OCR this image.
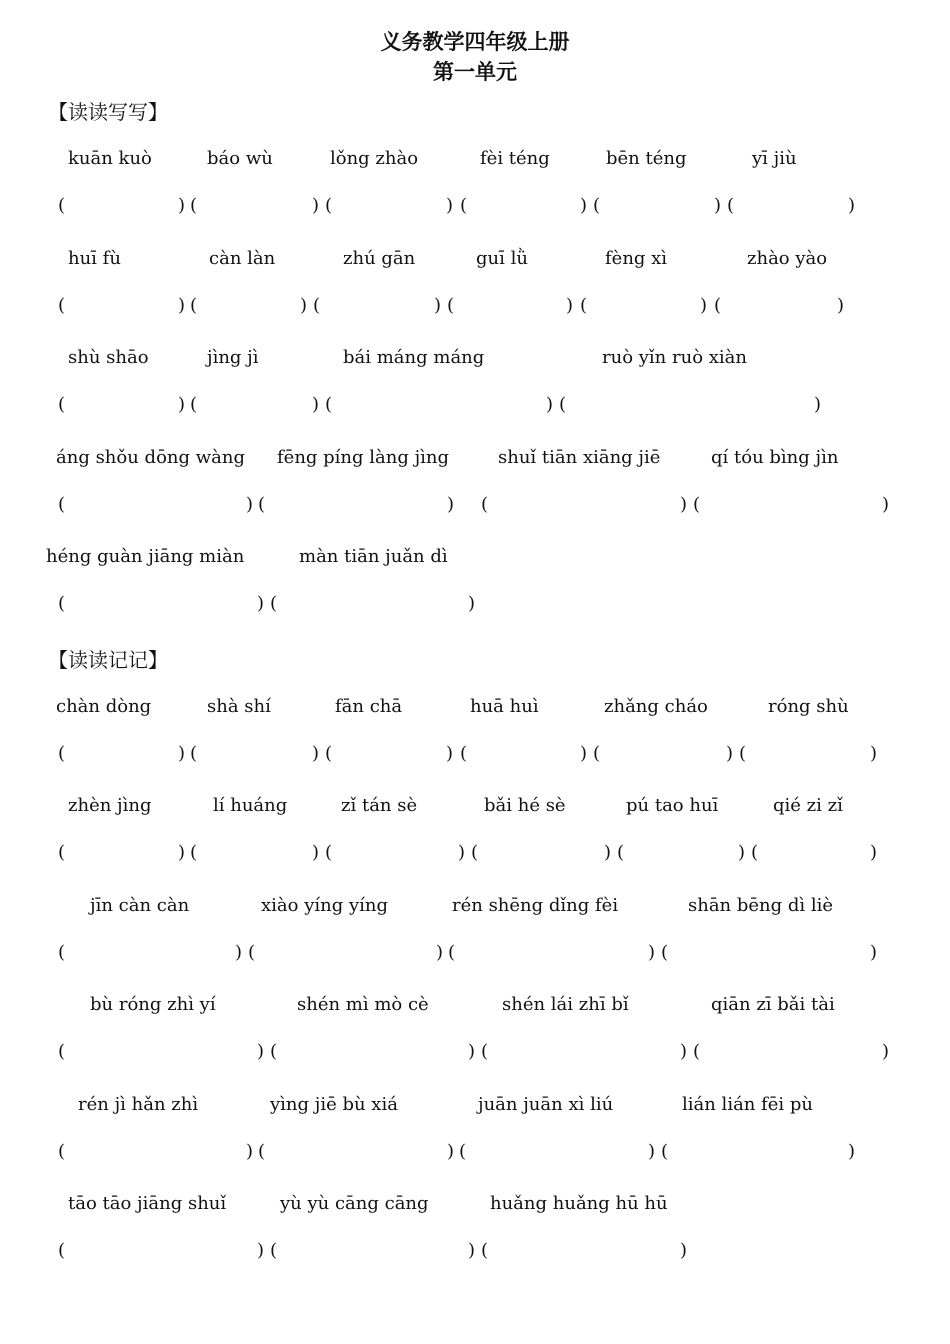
义务教学四年级上册
第一单元
【读读写写】
kuān kuò
(	)
báo wù
(	)
lǒng zhào
(	)
fèi téng
(	)
bēn téng
(	)
yī jiù
(	)
huī fù
(	)
càn làn
(	)
zhú gān
(	)
guī lǜ
(	)
fèng xì
(	)
zhào yào
(	)
shù shāo
(	)
jìng jì
(	)
bái máng máng
(	)
ruò yǐn ruò xiàn
(	)
áng shǒu dōng wàng
(	)
fēng píng làng jìng
(	)
shuǐ tiān xiāng jiē
(	)
qí tóu bìng jìn
(	)
héng guàn jiāng miàn
(	)
màn tiān juǎn dì
(	)
【读读记记】
chàn dòng
(	)
shà shí
(	)
fān chā
(	)
huā huì
(	)
zhǎng cháo
(	)
róng shù
(	)
zhèn jìng
(	)
lí huáng
(	)
zǐ tán sè
(	)
bǎi hé sè
(	)
pú tao huī
(	)
qié zi zǐ
(	)
jīn càn càn
(	)
xiào yíng yíng
(	)
rén shēng dǐng fèi
(	)
shān bēng dì liè
(	)
bù róng zhì yí
(	)
shén mì mò cè
(	)
shén lái zhī bǐ
(	)
qiān zī bǎi tài
(	)
rén jì hǎn zhì
(	)
yìng jiē bù xiá
(	)
juān juān xì liú
(	)
lián lián fēi pù
(	)
tāo tāo jiāng shuǐ
(	)
yù yù cāng cāng
(	)
huǎng huǎng hū hū
(	)
